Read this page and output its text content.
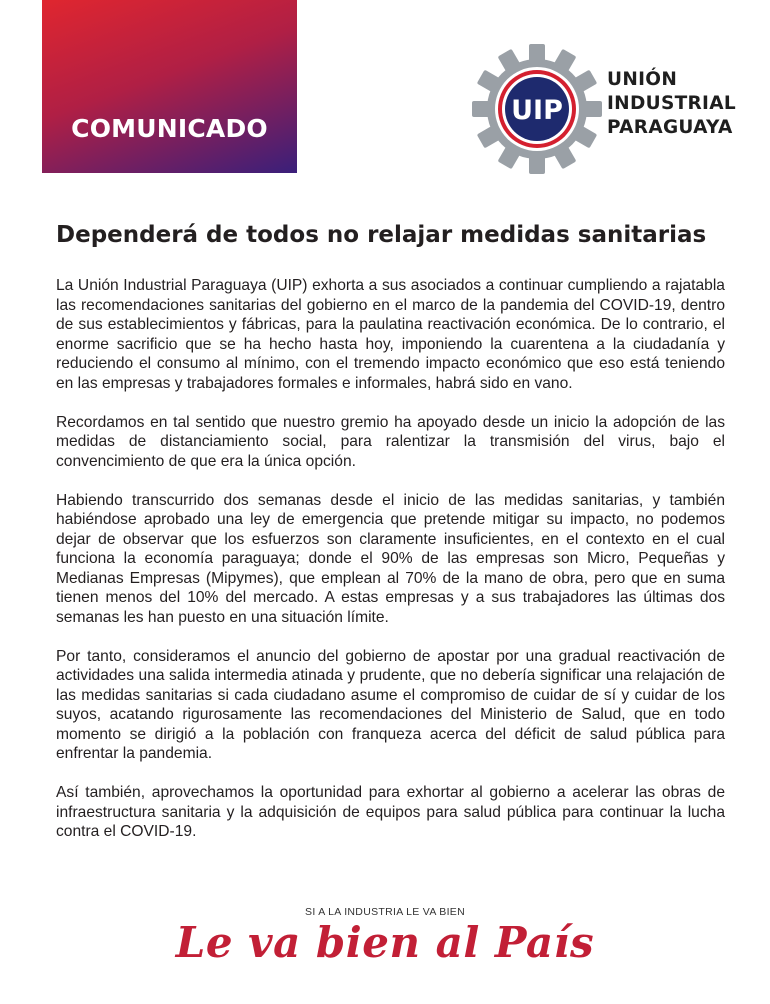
COMUNICADO
UIP
UNIÓN
INDUSTRIAL
PARAGUAYA
Dependerá de todos no relajar medidas sanitarias

La Unión Industrial Paraguaya (UIP) exhorta a sus asociados a continuar cumpliendo a rajatabla las recomendaciones sanitarias del gobierno en el marco de la pandemia del COVID-19, dentro de sus establecimientos y fábricas, para la paulatina reactivación económica. De lo contrario, el enorme sacrificio que se ha hecho hasta hoy, imponiendo la cuarentena a la ciudadanía y reduciendo el consumo al mínimo, con el tremendo impacto económico que eso está teniendo en las empresas y trabajadores formales e informales, habrá sido en vano.

Recordamos en tal sentido que nuestro gremio ha apoyado desde un inicio la adopción de las medidas de distanciamiento social, para ralentizar la transmisión del virus, bajo el convencimiento de que era la única opción.

Habiendo transcurrido dos semanas desde el inicio de las medidas sanitarias, y también habiéndose aprobado una ley de emergencia que pretende mitigar su impacto, no podemos dejar de observar que los esfuerzos son claramente insuficientes, en el contexto en el cual funciona la economía paraguaya; donde el 90% de las empresas son Micro, Pequeñas y Medianas Empresas (Mipymes), que emplean al 70% de la mano de obra, pero que en suma tienen menos del 10% del mercado. A estas empresas y a sus trabajadores las últimas dos semanas les han puesto en una situación límite.

Por tanto, consideramos el anuncio del gobierno de apostar por una gradual reactivación de actividades una salida intermedia atinada y prudente, que no debería significar una relajación de las medidas sanitarias si cada ciudadano asume el compromiso de cuidar de sí y cuidar de los suyos, acatando rigurosamente las recomendaciones del Ministerio de Salud, que en todo momento se dirigió a la población con franqueza acerca del déficit de salud pública para enfrentar la pandemia.

Así también, aprovechamos la oportunidad para exhortar al gobierno a acelerar las obras de infraestructura sanitaria y la adquisición de equipos para salud pública para continuar la lucha contra el COVID-19.

SI A LA INDUSTRIA LE VA BIEN
Le va bien al País
